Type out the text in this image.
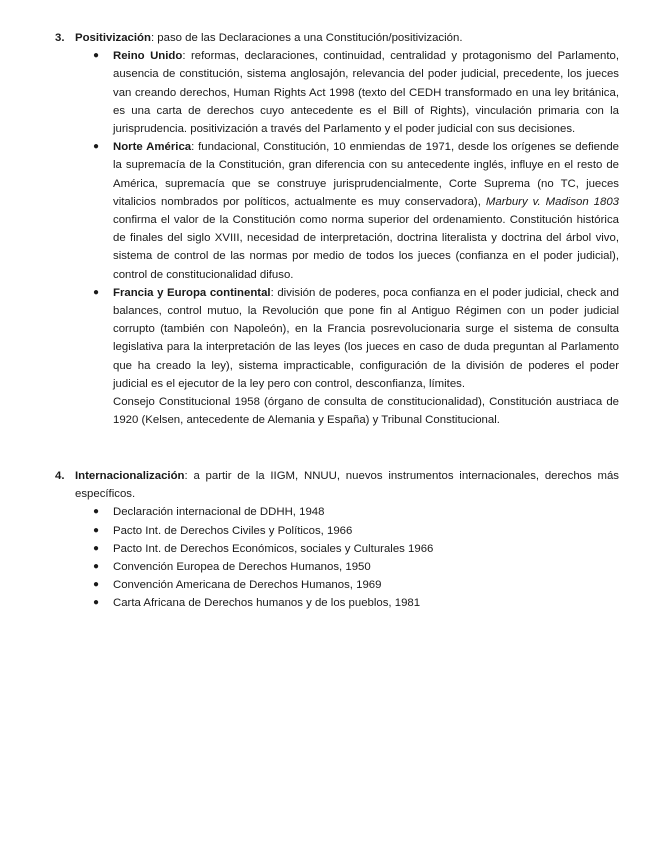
3. Positivización: paso de las Declaraciones a una Constitución/positivización.
● Reino Unido: reformas, declaraciones, continuidad, centralidad y protagonismo del Parlamento, ausencia de constitución, sistema anglosajón, relevancia del poder judicial, precedente, los jueces van creando derechos, Human Rights Act 1998 (texto del CEDH transformado en una ley británica, es una carta de derechos cuyo antecedente es el Bill of Rights), vinculación primaria con la jurisprudencia. positivización a través del Parlamento y el poder judicial con sus decisiones.
● Norte América: fundacional, Constitución, 10 enmiendas de 1971, desde los orígenes se defiende la supremacía de la Constitución, gran diferencia con su antecedente inglés, influye en el resto de América, supremacía que se construye jurisprudencialmente, Corte Suprema (no TC, jueces vitalicios nombrados por políticos, actualmente es muy conservadora), Marbury v. Madison 1803 confirma el valor de la Constitución como norma superior del ordenamiento. Constitución histórica de finales del siglo XVIII, necesidad de interpretación, doctrina literalista y doctrina del árbol vivo, sistema de control de las normas por medio de todos los jueces (confianza en el poder judicial), control de constitucionalidad difuso.
● Francia y Europa continental: división de poderes, poca confianza en el poder judicial, check and balances, control mutuo, la Revolución que pone fin al Antiguo Régimen con un poder judicial corrupto (también con Napoleón), en la Francia posrevolucionaria surge el sistema de consulta legislativa para la interpretación de las leyes (los jueces en caso de duda preguntan al Parlamento que ha creado la ley), sistema impracticable, configuración de la división de poderes el poder judicial es el ejecutor de la ley pero con control, desconfianza, límites.
Consejo Constitucional 1958 (órgano de consulta de constitucionalidad), Constitución austriaca de 1920 (Kelsen, antecedente de Alemania y España) y Tribunal Constitucional.
4. Internacionalización: a partir de la IIGM, NNUU, nuevos instrumentos internacionales, derechos más específicos.
● Declaración internacional de DDHH, 1948
● Pacto Int. de Derechos Civiles y Políticos, 1966
● Pacto Int. de Derechos Económicos, sociales y Culturales 1966
● Convención Europea de Derechos Humanos, 1950
● Convención Americana de Derechos Humanos, 1969
● Carta Africana de Derechos humanos y de los pueblos, 1981
